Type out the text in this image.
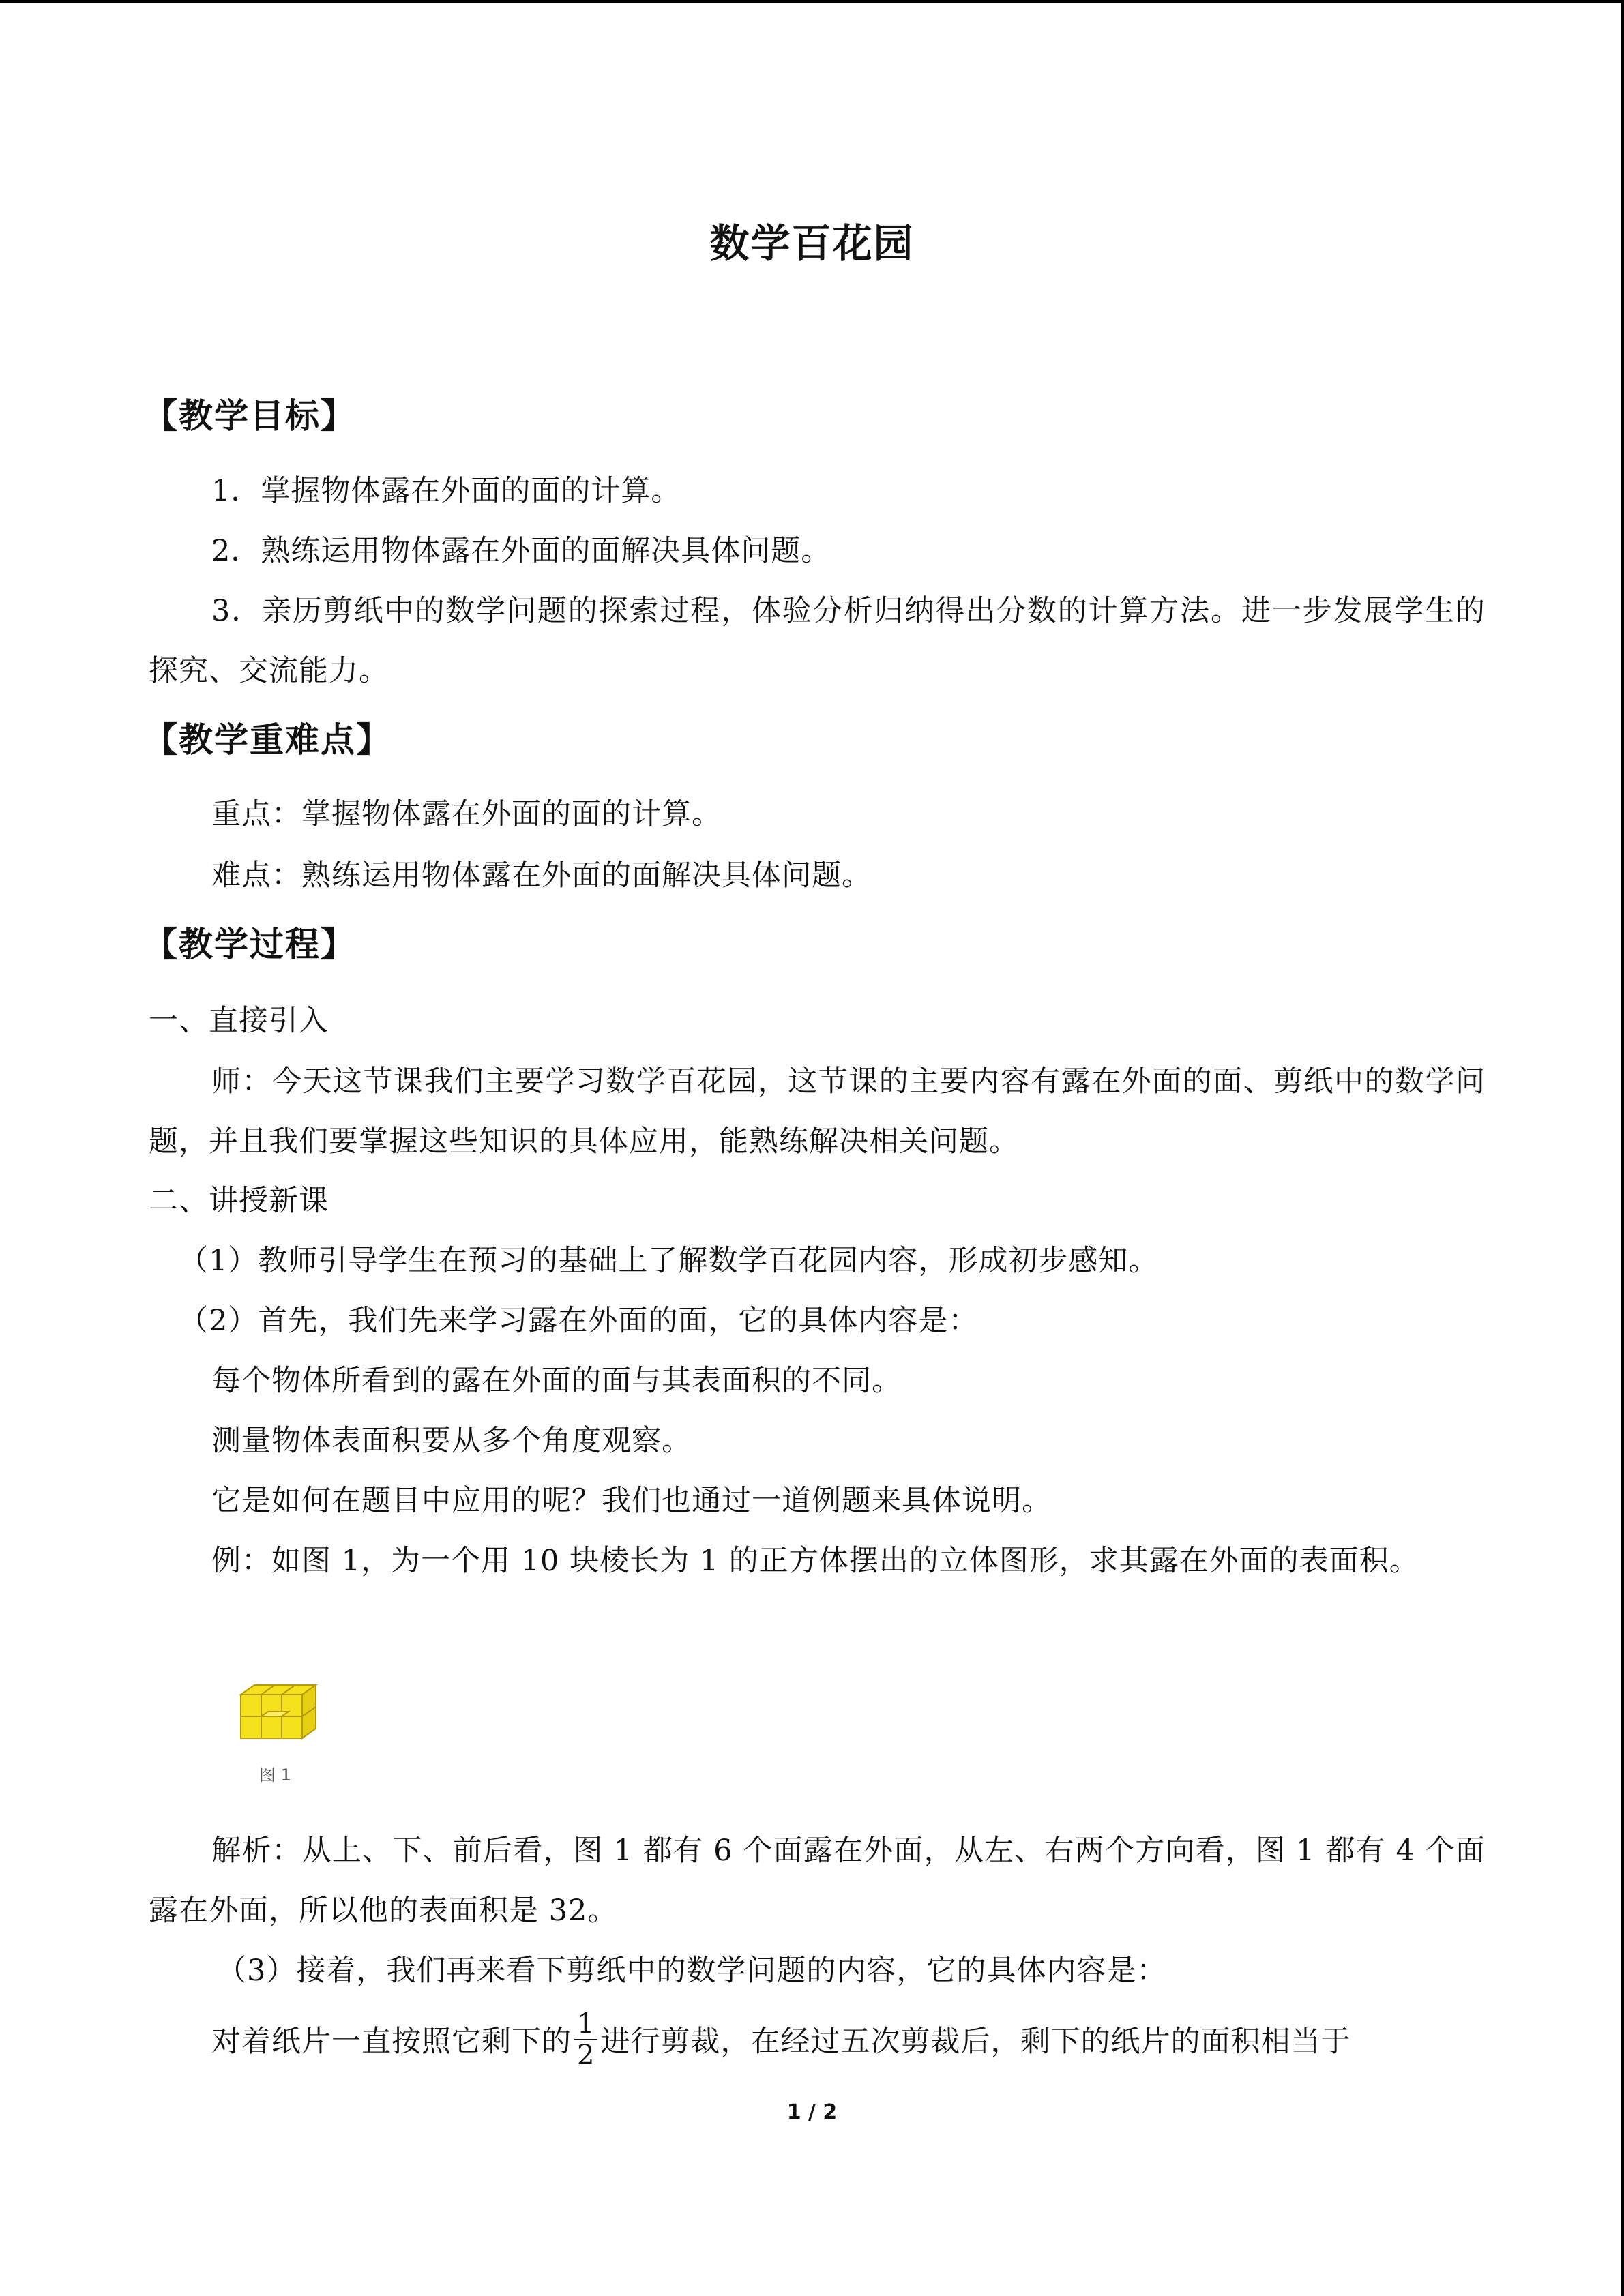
数学百花园
【教学目标】
1．掌握物体露在外面的面的计算。
2．熟练运用物体露在外面的面解决具体问题。
3．亲历剪纸中的数学问题的探索过程，体验分析归纳得出分数的计算方法。进一步发展学生的探究、交流能力。
【教学重难点】
重点：掌握物体露在外面的面的计算。
难点：熟练运用物体露在外面的面解决具体问题。
【教学过程】
一、直接引入
师：今天这节课我们主要学习数学百花园，这节课的主要内容有露在外面的面、剪纸中的数学问题，并且我们要掌握这些知识的具体应用，能熟练解决相关问题。
二、讲授新课
（1）教师引导学生在预习的基础上了解数学百花园内容，形成初步感知。
（2）首先，我们先来学习露在外面的面，它的具体内容是：
每个物体所看到的露在外面的面与其表面积的不同。
测量物体表面积要从多个角度观察。
它是如何在题目中应用的呢？我们也通过一道例题来具体说明。
例：如图 1，为一个用 10 块棱长为 1 的正方体摆出的立体图形，求其露在外面的表面积。
图 1
解析：从上、下、前后看，图 1 都有 6 个面露在外面，从左、右两个方向看，图 1 都有 4 个面露在外面，所以他的表面积是 32。
（3）接着，我们再来看下剪纸中的数学问题的内容，它的具体内容是：
对着纸片一直按照它剩下的 $\frac{1}{2}$ 进行剪裁，在经过五次剪裁后，剩下的纸片的面积相当于
1 / 2
